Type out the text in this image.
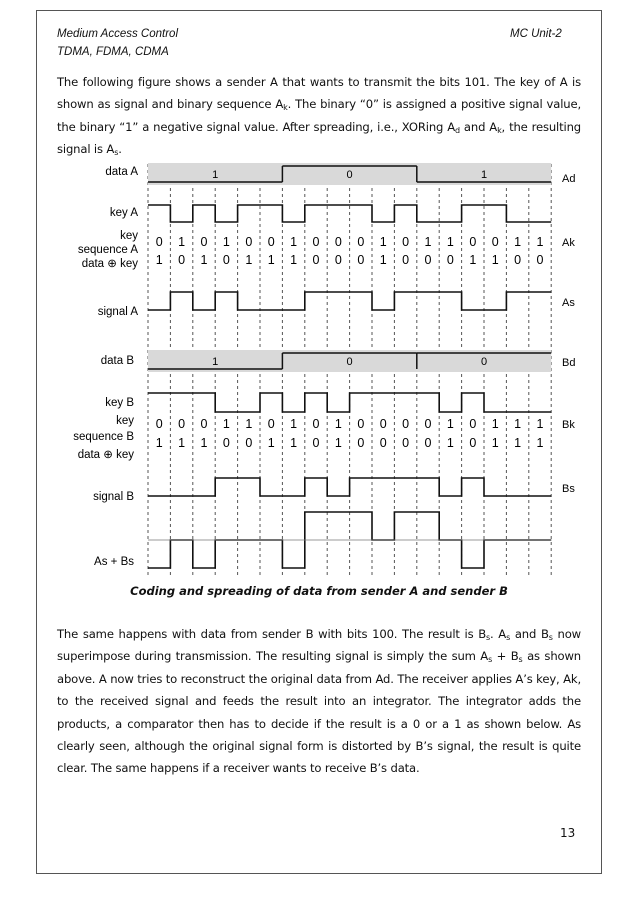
Medium Access Control
TDMA, FDMA, CDMA
MC Unit-2
The following figure shows a sender A that wants to transmit the bits 101. The key of A is shown as signal and binary sequence $A_k$. The binary “0” is assigned a positive signal value, the binary “1” a negative signal value. After spreading, i.e., XORing $A_d$ and $A_k$, the resulting signal is $A_s$.
data A
key A
key
sequence A
data ⊕ key
signal A
data B
key B
key
sequence B
data ⊕ key
signal B
As + Bs
Ad
Ak
As
Bd
Bk
Bs
1	0	1
1	0	0
0 1 0 1 0 0 1 0 0 0 1 0 1 1 0 0 1 1
1 0 1 0 1 1 1 0 0 0 1 0 0 0 1 1 0 0
0 0 0 1 1 0 1 0 1 0 0 0 0 1 0 1 1 1
1 1 1 0 0 1 1 0 1 0 0 0 0 1 0 1 1 1
Coding and spreading of data from sender A and sender B
The same happens with data from sender B with bits 100. The result is $B_s$. $A_s$ and $B_s$ now superimpose during transmission. The resulting signal is simply the sum $A_s + B_s$ as shown above. A now tries to reconstruct the original data from Ad. The receiver applies A’s key, Ak, to the received signal and feeds the result into an integrator. The integrator adds the products, a comparator then has to decide if the result is a 0 or a 1 as shown below. As clearly seen, although the original signal form is distorted by B’s signal, the result is quite clear. The same happens if a receiver wants to receive B’s data.
13
